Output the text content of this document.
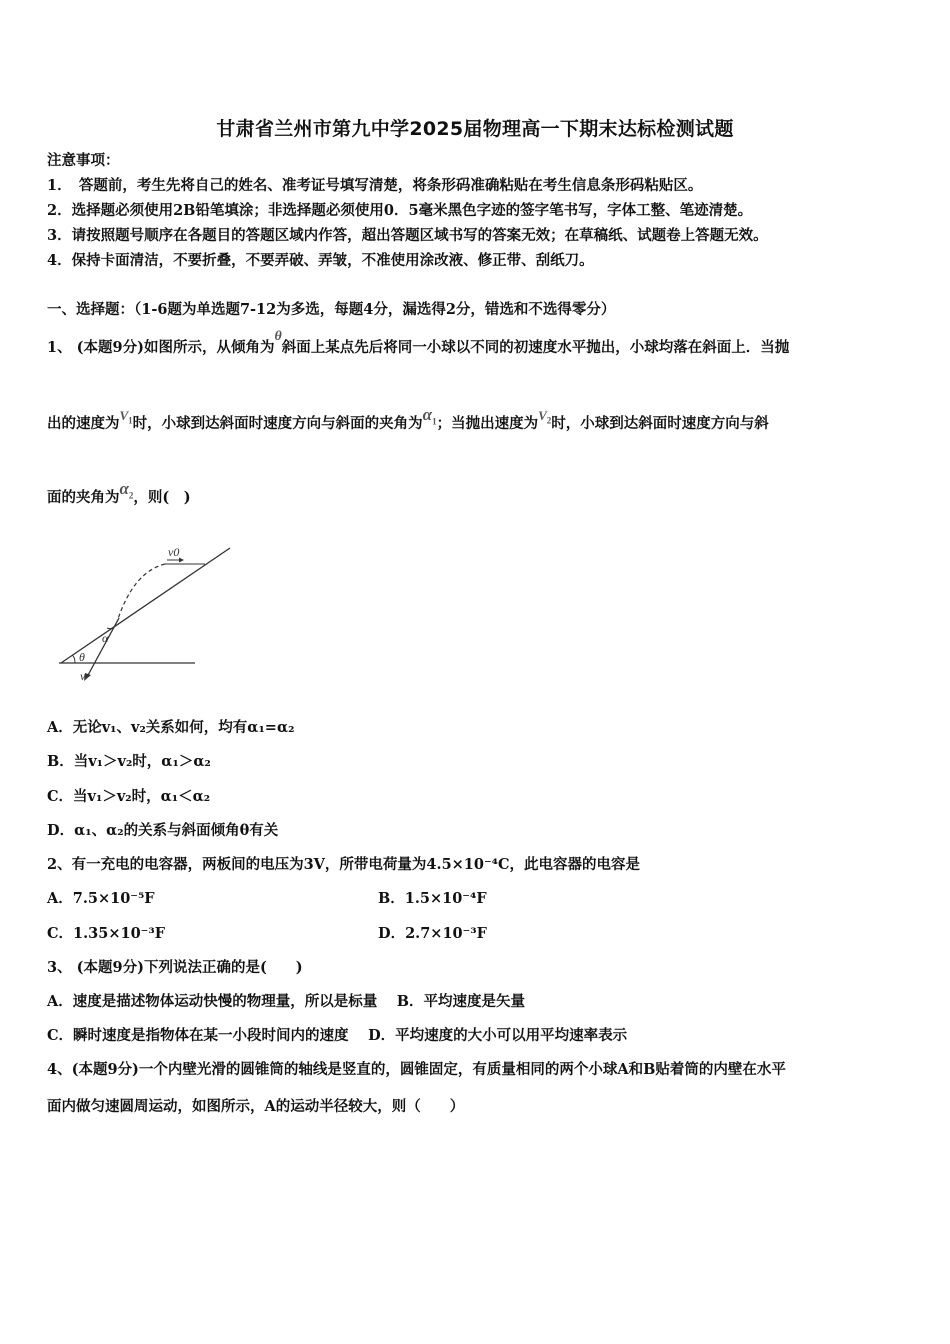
甘肃省兰州市第九中学2025届物理高一下期末达标检测试题
注意事项：
1．　答题前，考生先将自己的姓名、准考证号填写清楚，将条形码准确粘贴在考生信息条形码粘贴区。
2．选择题必须使用2B铅笔填涂；非选择题必须使用0．5毫米黑色字迹的签字笔书写，字体工整、笔迹清楚。
3．请按照题号顺序在各题目的答题区域内作答，超出答题区域书写的答案无效；在草稿纸、试题卷上答题无效。
4．保持卡面清洁，不要折叠，不要弄破、弄皱，不准使用涂改液、修正带、刮纸刀。
一、选择题：（1-6题为单选题7-12为多选，每题4分，漏选得2分，错选和不选得零分）
1、 (本题9分)如图所示，从倾角为θ斜面上某点先后将同一小球以不同的初速度水平抛出，小球均落在斜面上．当抛
出的速度为$V_1$时，小球到达斜面时速度方向与斜面的夹角为$\alpha_1$；当抛出速度为$V_2$时，小球到达斜面时速度方向与斜
面的夹角为$\alpha_2$，则(　)
v0
α
θ
v
A．无论v₁、v₂关系如何，均有α₁=α₂
B．当v₁＞v₂时，α₁＞α₂
C．当v₁＞v₂时，α₁＜α₂
D．α₁、α₂的关系与斜面倾角θ有关
2、有一充电的电容器，两板间的电压为3V，所带电荷量为4.5×10⁻⁴C，此电容器的电容是
A．7.5×10⁻⁵F	B．1.5×10⁻⁴F
C．1.35×10⁻³F	D．2.7×10⁻³F
3、 (本题9分)下列说法正确的是(　　)
A．速度是描述物体运动快慢的物理量，所以是标量　 B．平均速度是矢量
C．瞬时速度是指物体在某一小段时间内的速度　 D．平均速度的大小可以用平均速率表示
4、(本题9分)一个内壁光滑的圆锥筒的轴线是竖直的，圆锥固定，有质量相同的两个小球A和B贴着筒的内壁在水平
面内做匀速圆周运动，如图所示，A的运动半径较大，则（　　）
